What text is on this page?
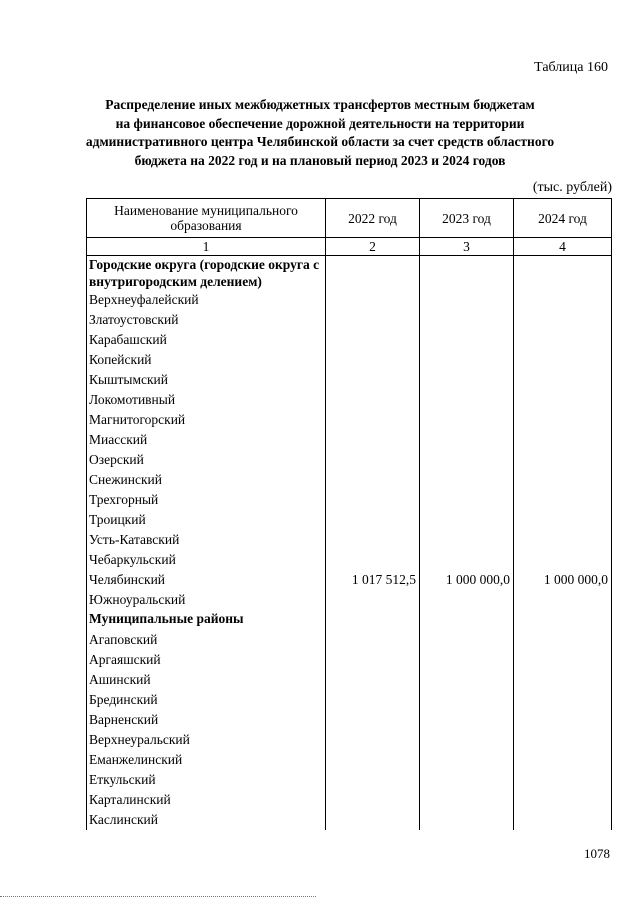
Таблица 160
Распределение иных межбюджетных трансфертов местным бюджетам
на финансовое обеспечение дорожной деятельности на территории
административного центра Челябинской области за счет средств областного
бюджета на 2022 год и на плановый период 2023 и 2024 годов
(тыс. рублей)
Наименование муниципального образования	2022 год	2023 год	2024 год
1	2	3	4
Городские округа (городские округа с внутригородским делением)			
Верхнеуфалейский			
Златоустовский			
Карабашский			
Копейский			
Кыштымский			
Локомотивный			
Магнитогорский			
Миасский			
Озерский			
Снежинский			
Трехгорный			
Троицкий			
Усть-Катавский			
Чебаркульский			
Челябинский	1 017 512,5	1 000 000,0	1 000 000,0
Южноуральский			
Муниципальные районы			
Агаповский			
Аргаяшский			
Ашинский			
Брединский			
Варненский			
Верхнеуральский			
Еманжелинский			
Еткульский			
Карталинский			
Каслинский			
1078
